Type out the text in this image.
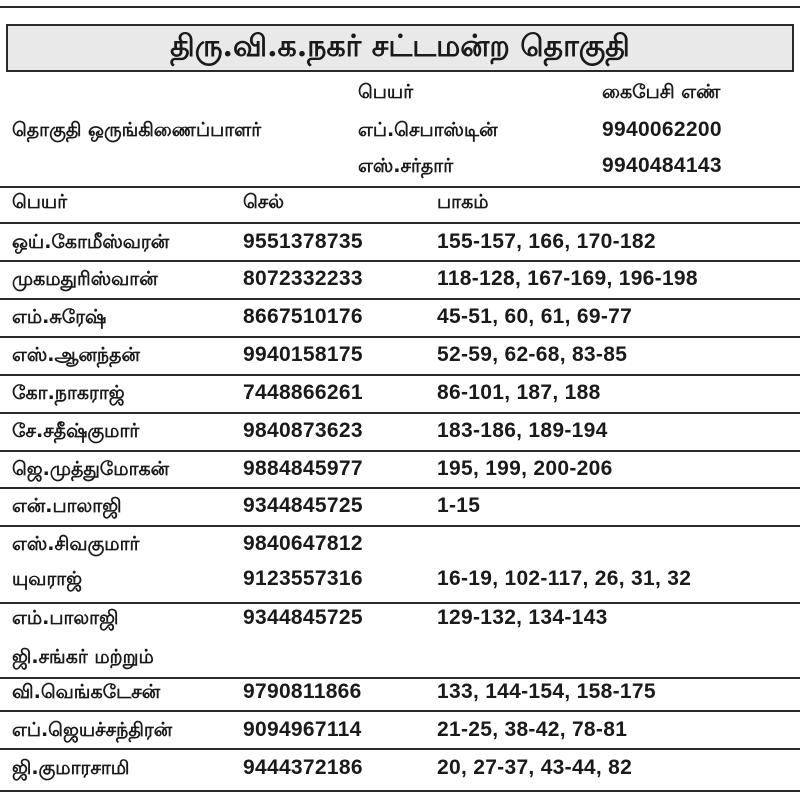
திரு.வி.க.நகர் சட்டமன்ற தொகுதி
பெயர்	கைபேசி எண்
தொகுதி ஒருங்கிணைப்பாளர்	எப்.செபாஸ்டின்	9940062200
எஸ்.சர்தார்	9940484143
பெயர்	செல்	பாகம்
ஒய்.கோமீஸ்வரன்	9551378735	155-157, 166, 170-182
முகமதுரிஸ்வான்	8072332233	118-128, 167-169, 196-198
எம்.சுரேஷ்	8667510176	45-51, 60, 61, 69-77
எஸ்.ஆனந்தன்	9940158175	52-59, 62-68, 83-85
கோ.நாகராஜ்	7448866261	86-101, 187, 188
சே.சதீஷ்குமார்	9840873623	183-186, 189-194
ஜெ.முத்துமோகன்	9884845977	195, 199, 200-206
என்.பாலாஜி	9344845725	1-15
எஸ்.சிவகுமார்	9840647812
யுவராஜ்	9123557316	16-19, 102-117, 26, 31, 32
எம்.பாலாஜி	9344845725	129-132, 134-143
ஜி.சங்கர் மற்றும்
வி.வெங்கடேசன்	9790811866	133, 144-154, 158-175
எப்.ஜெயச்சந்திரன்	9094967114	21-25, 38-42, 78-81
ஜி.குமாரசாமி	9444372186	20, 27-37, 43-44, 82
